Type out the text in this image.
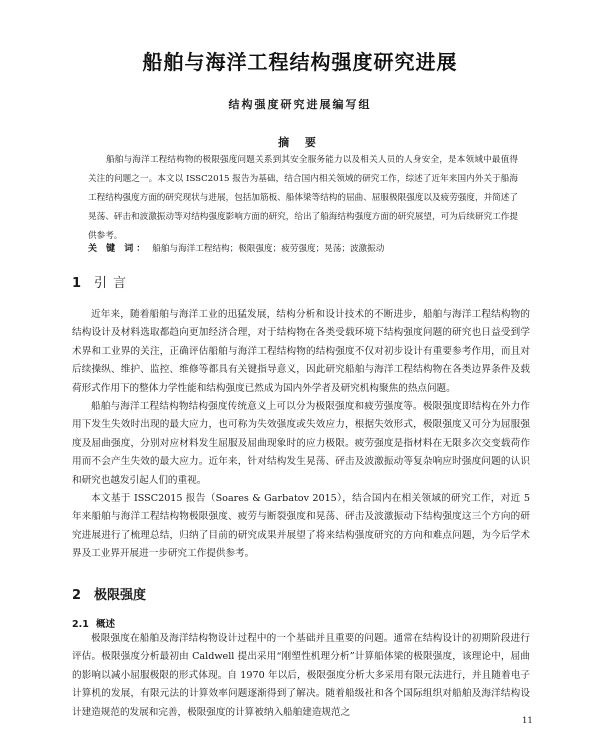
船舶与海洋工程结构强度研究进展
结构强度研究进展编写组
摘 要
船舶与海洋工程结构物的极限强度问题关系到其安全服务能力以及相关人员的人身安全，是本领域中最值得关注的问题之一。本文以 ISSC2015 报告为基础，结合国内相关领域的研究工作，综述了近年来国内外关于船海工程结构强度方面的研究现状与进展，包括加筋板、船体梁等结构的屈曲、屈服极限强度以及疲劳强度，并简述了晃荡、砰击和波激振动等对结构强度影响方面的研究，给出了船海结构强度方面的研究展望，可为后续研究工作提供参考。
关 键 词： 船舶与海洋工程结构；极限强度；疲劳强度；晃荡；波激振动
1 引言

近年来，随着船舶与海洋工业的迅猛发展，结构分析和设计技术的不断进步，船舶与海洋工程结构物的结构设计及材料选取都趋向更加经济合理，对于结构物在各类受载环境下结构强度问题的研究也日益受到学术界和工业界的关注，正确评估船舶与海洋工程结构物的结构强度不仅对初步设计有重要参考作用，而且对后续操纵、维护、监控、维修等都具有关键指导意义，因此研究船舶与海洋工程结构物在各类边界条件及载荷形式作用下的整体力学性能和结构强度已然成为国内外学者及研究机构聚焦的热点问题。

船舶与海洋工程结构物结构强度传统意义上可以分为极限强度和疲劳强度等。极限强度即结构在外力作用下发生失效时出现的最大应力，也可称为失效强度或失效应力，根据失效形式，极限强度又可分为屈服强度及屈曲强度，分别对应材料发生屈服及屈曲现象时的应力极限。疲劳强度是指材料在无限多次交变载荷作用而不会产生失效的最大应力。近年来，针对结构发生晃荡、砰击及波激振动等复杂响应时强度问题的认识和研究也越发引起人们的重视。

本文基于 ISSC2015 报告（Soares & Garbatov 2015），结合国内在相关领域的研究工作，对近 5 年来船舶与海洋工程结构物极限强度、疲劳与断裂强度和晃荡、砰击及波激振动下结构强度这三个方向的研究进展进行了梳理总结，归纳了目前的研究成果并展望了将来结构强度研究的方向和难点问题，为今后学术界及工业界开展进一步研究工作提供参考。

2 极限强度
2.1 概述

极限强度在船舶及海洋结构物设计过程中的一个基础并且重要的问题。通常在结构设计的初期阶段进行评估。极限强度分析最初由 Caldwell 提出采用“刚塑性机理分析”计算船体梁的极限强度，该理论中，屈曲的影响以减小屈服极限的形式体现。自 1970 年以后，极限强度分析大多采用有限元法进行，并且随着电子计算机的发展，有限元法的计算效率问题逐渐得到了解决。随着船级社和各个国际组织对船舶及海洋结构设计建造规范的发展和完善，极限强度的计算被纳入船舶建造规范之

11
